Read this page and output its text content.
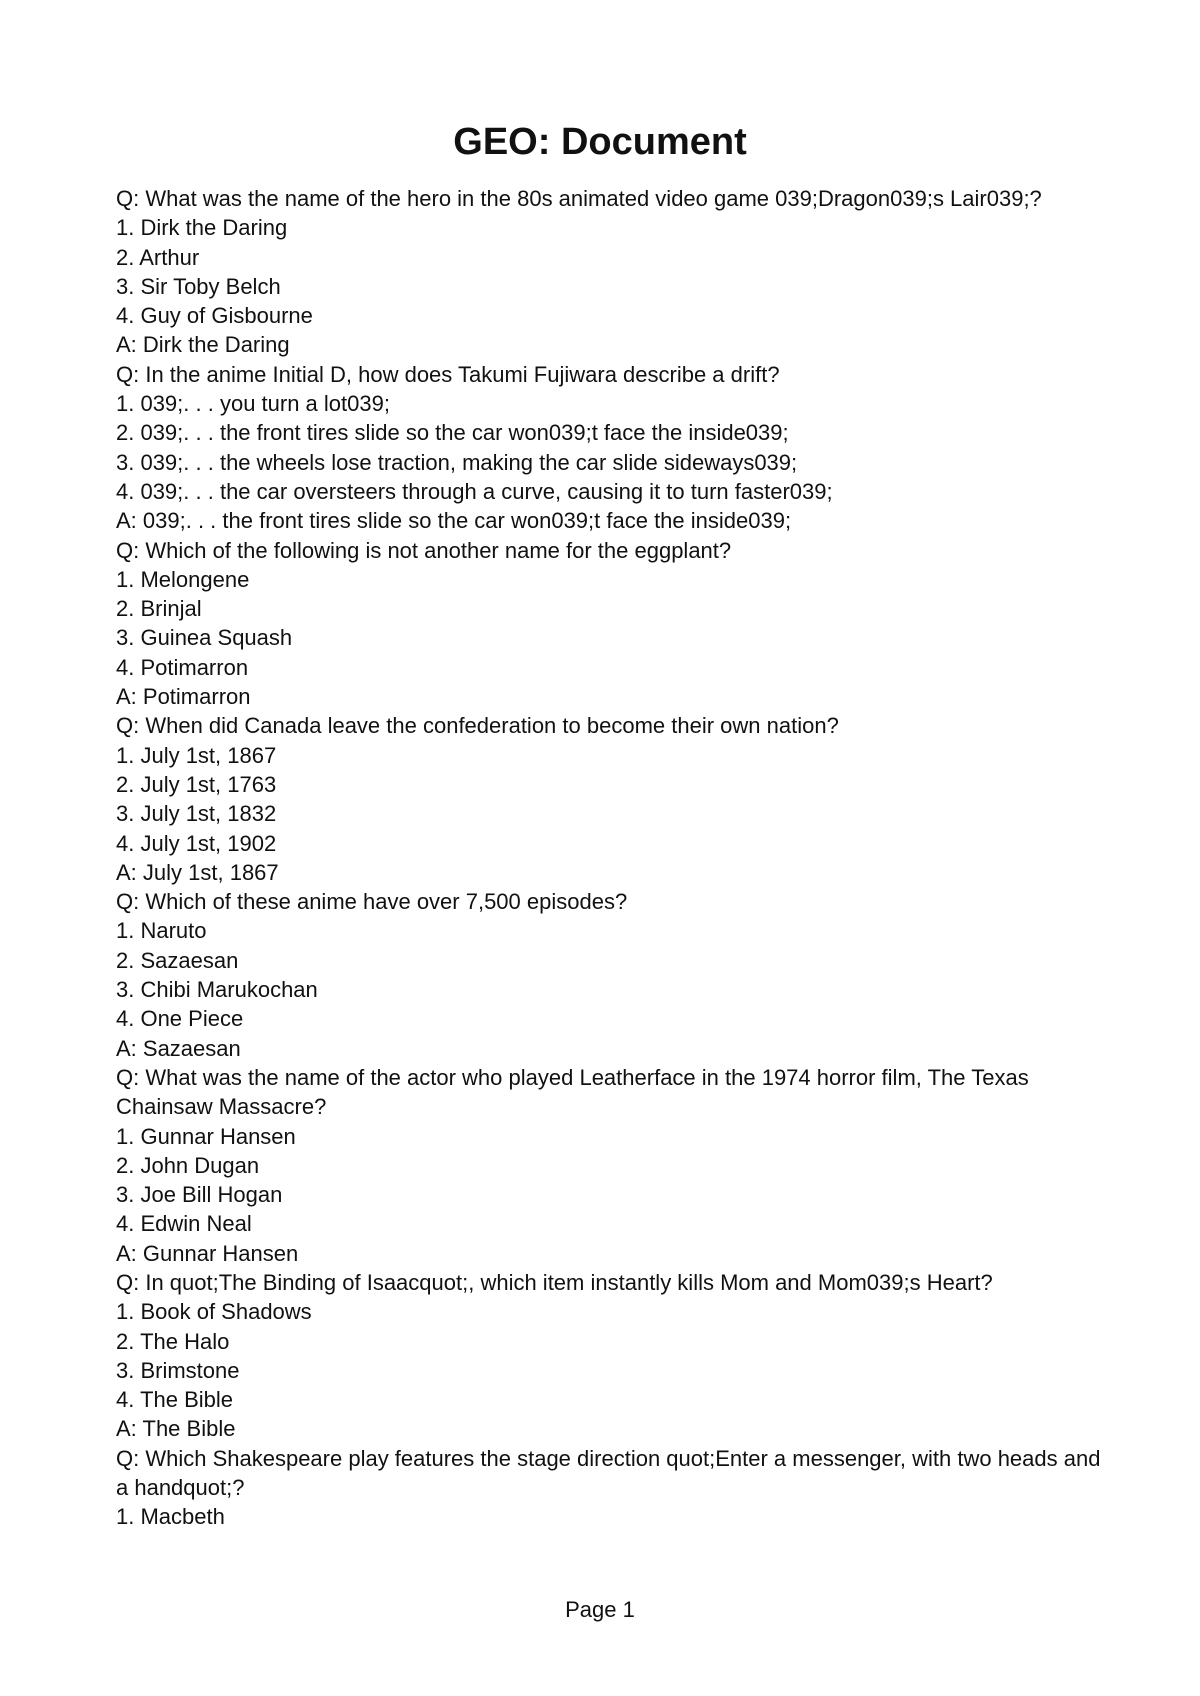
GEO: Document
Q: What was the name of the hero in the 80s animated video game 039;Dragon039;s Lair039;?
1. Dirk the Daring
2. Arthur
3. Sir Toby Belch
4. Guy of Gisbourne
A: Dirk the Daring
Q: In the anime Initial D, how does Takumi Fujiwara describe a drift?
1. 039;. . . you turn a lot039;
2. 039;. . . the front tires slide so the car won039;t face the inside039;
3. 039;. . . the wheels lose traction, making the car slide sideways039;
4. 039;. . . the car oversteers through a curve, causing it to turn faster039;
A: 039;. . . the front tires slide so the car won039;t face the inside039;
Q: Which of the following is not another name for the eggplant?
1. Melongene
2. Brinjal
3. Guinea Squash
4. Potimarron
A: Potimarron
Q: When did Canada leave the confederation to become their own nation?
1. July 1st, 1867
2. July 1st, 1763
3. July 1st, 1832
4. July 1st, 1902
A: July 1st, 1867
Q: Which of these anime have over 7,500 episodes?
1. Naruto
2. Sazaesan
3. Chibi Marukochan
4. One Piece
A: Sazaesan
Q: What was the name of the actor who played Leatherface in the 1974 horror film, The Texas Chainsaw Massacre?
1. Gunnar Hansen
2. John Dugan
3. Joe Bill Hogan
4. Edwin Neal
A: Gunnar Hansen
Q: In quot;The Binding of Isaacquot;, which item instantly kills Mom and Mom039;s Heart?
1. Book of Shadows
2. The Halo
3. Brimstone
4. The Bible
A: The Bible
Q: Which Shakespeare play features the stage direction quot;Enter a messenger, with two heads and a handquot;?
1. Macbeth
Page 1
